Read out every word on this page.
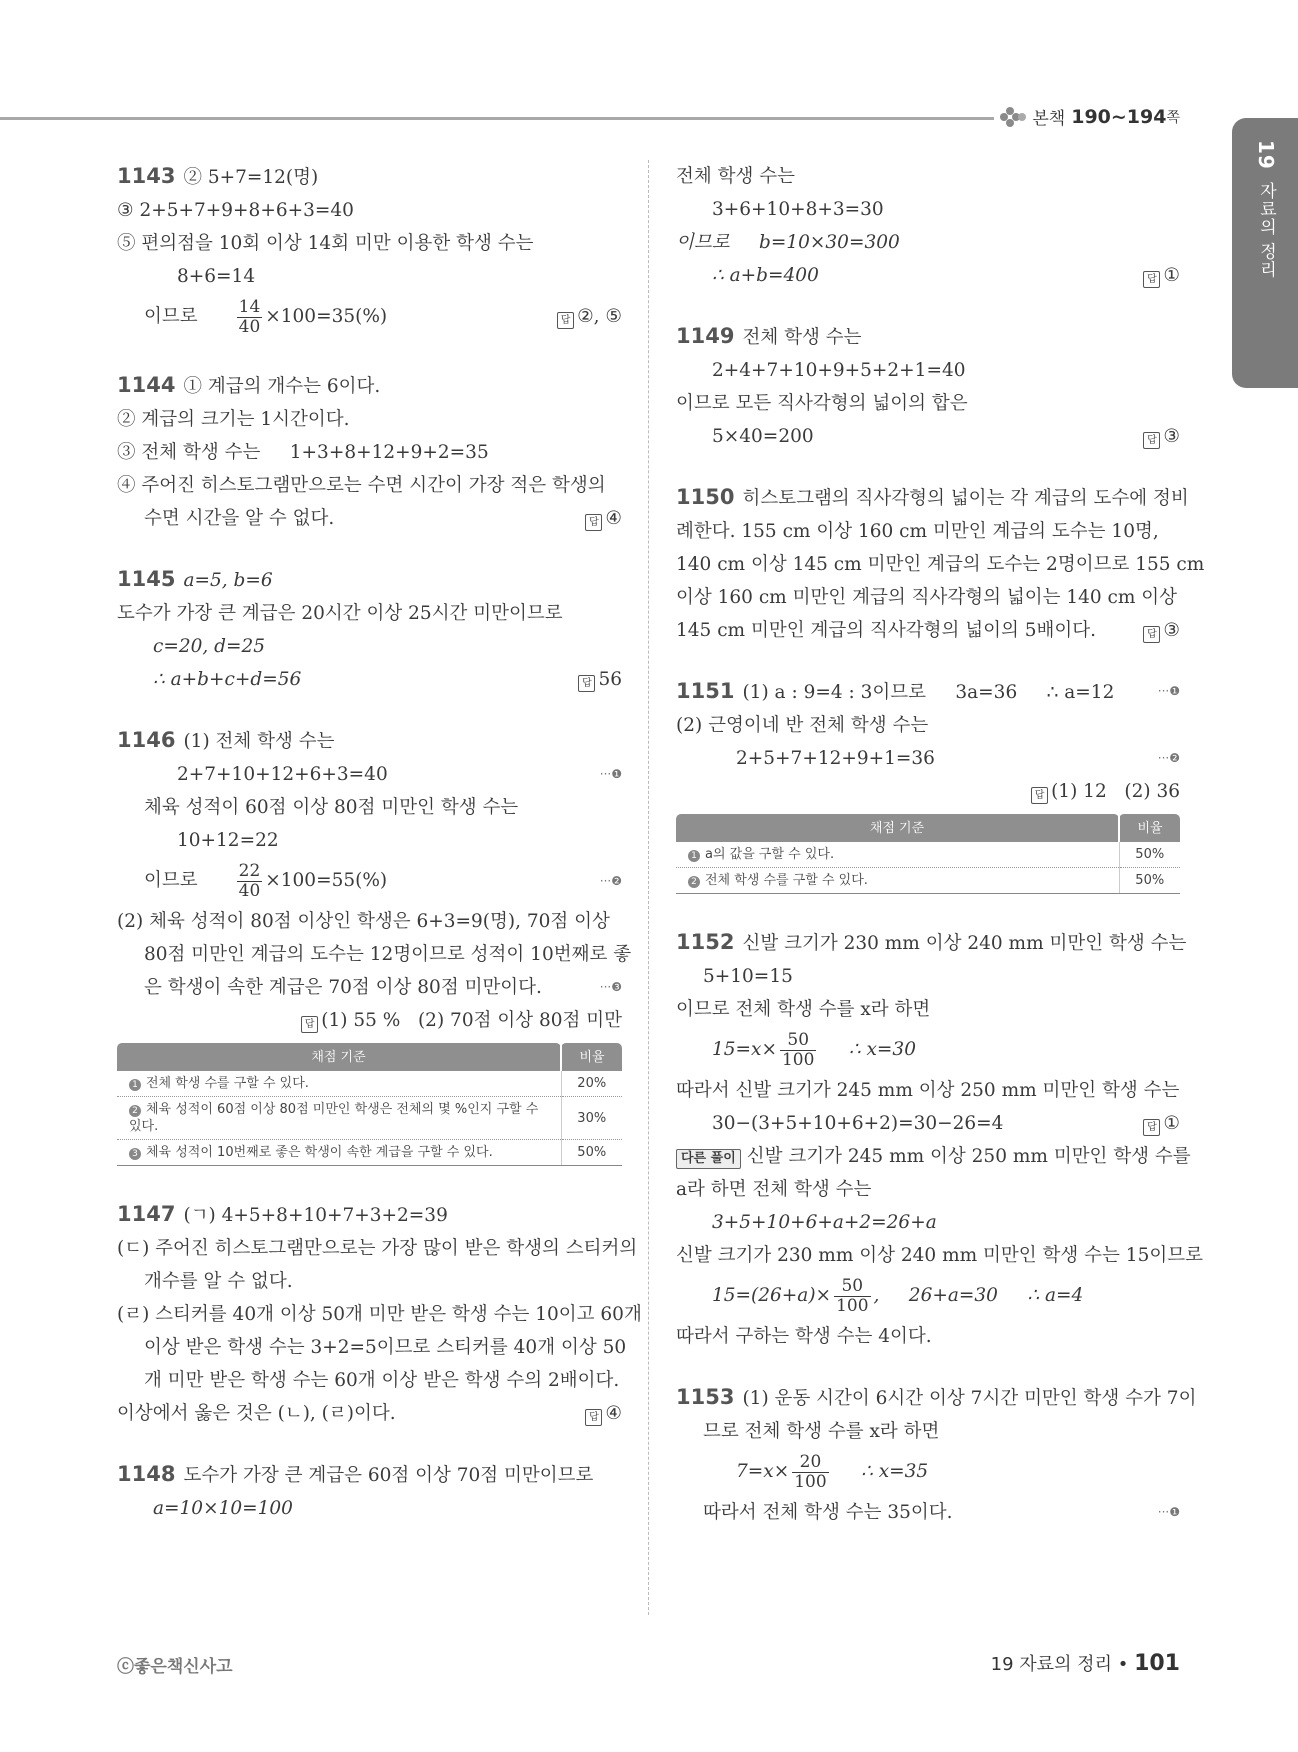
본책 190~194 쪽
19 자료의 정리
1143 ② 5+7=12(명)
③ 2+5+7+9+8+6+3=40
⑤ 편의점을 10회 이상 14회 미만 이용한 학생 수는
8+6=14
이므로 $\frac{14}{40} \times 100=35(\%)$	답 ②, ⑤
1144 ① 계급의 개수는 6이다.
② 계급의 크기는 1시간이다.
③ 전체 학생 수는     1+3+8+12+9+2=35
④ 주어진 히스토그램만으로는 수면 시간이 가장 적은 학생의
수면 시간을 알 수 없다.	답 ④
1145 a=5, b=6
도수가 가장 큰 계급은 20시간 이상 25시간 미만이므로
c=20, d=25
∴ a+b+c+d=56	답 56
1146 (1) 전체 학생 수는
2+7+10+12+6+3=40	···❶
체육 성적이 60점 이상 80점 미만인 학생 수는
10+12=22
이므로 $\frac{22}{40} \times 100=55(\%)$	···❷
(2) 체육 성적이 80점 이상인 학생은 6+3=9(명), 70점 이상
80점 미만인 계급의 도수는 12명이므로 성적이 10번째로 좋
은 학생이 속한 계급은 70점 이상 80점 미만이다.	···❸
답 (1) 55 %   (2) 70점 이상 80점 미만
채점 기준	비율
1 전체 학생 수를 구할 수 있다.	20%
2 체육 성적이 60점 이상 80점 미만인 학생은 전체의 몇 %인지 구할 수 있다.	30%
3 체육 성적이 10번째로 좋은 학생이 속한 계급을 구할 수 있다.	50%
1147 (ㄱ) 4+5+8+10+7+3+2=39
(ㄷ) 주어진 히스토그램만으로는 가장 많이 받은 학생의 스티커의
개수를 알 수 없다.
(ㄹ) 스티커를 40개 이상 50개 미만 받은 학생 수는 10이고 60개
이상 받은 학생 수는 3+2=5이므로 스티커를 40개 이상 50
개 미만 받은 학생 수는 60개 이상 받은 학생 수의 2배이다.
이상에서 옳은 것은 (ㄴ), (ㄹ)이다.	답 ④
1148 도수가 가장 큰 계급은 60점 이상 70점 미만이므로
a=10×10=100
전체 학생 수는
3+6+10+8+3=30
이므로     b=10×30=300
∴ a+b=400	답 ①
1149 전체 학생 수는
2+4+7+10+9+5+2+1=40
이므로 모든 직사각형의 넓이의 합은
5×40=200	답 ③
1150 히스토그램의 직사각형의 넓이는 각 계급의 도수에 정비
례한다. 155 cm 이상 160 cm 미만인 계급의 도수는 10명,
140 cm 이상 145 cm 미만인 계급의 도수는 2명이므로 155 cm
이상 160 cm 미만인 계급의 직사각형의 넓이는 140 cm 이상
145 cm 미만인 계급의 직사각형의 넓이의 5배이다.	답 ③
1151 (1) a : 9=4 : 3이므로     3a=36     ∴ a=12	···❶
(2) 근영이네 반 전체 학생 수는
2+5+7+12+9+1=36	···❷
답 (1) 12   (2) 36
채점 기준	비율
1 a의 값을 구할 수 있다.	50%
2 전체 학생 수를 구할 수 있다.	50%
1152 신발 크기가 230 mm 이상 240 mm 미만인 학생 수는
5+10=15
이므로 전체 학생 수를 x라 하면
$15=x\times \frac{50}{100}$ ∴ x=30
따라서 신발 크기가 245 mm 이상 250 mm 미만인 학생 수는
30−(3+5+10+6+2)=30−26=4	답 ①
다른 풀이 신발 크기가 245 mm 이상 250 mm 미만인 학생 수를
a라 하면 전체 학생 수는
3+5+10+6+a+2=26+a
신발 크기가 230 mm 이상 240 mm 미만인 학생 수는 15이므로
$15=(26+a)\times \frac{50}{100}$ ,     26+a=30     ∴ a=4
따라서 구하는 학생 수는 4이다.
1153 (1) 운동 시간이 6시간 이상 7시간 미만인 학생 수가 7이
므로 전체 학생 수를 x라 하면
$7=x\times \frac{20}{100}$ ∴ x=35
따라서 전체 학생 수는 35이다.	···❶
ⓒ좋은책신사고	19 자료의 정리 • 101
